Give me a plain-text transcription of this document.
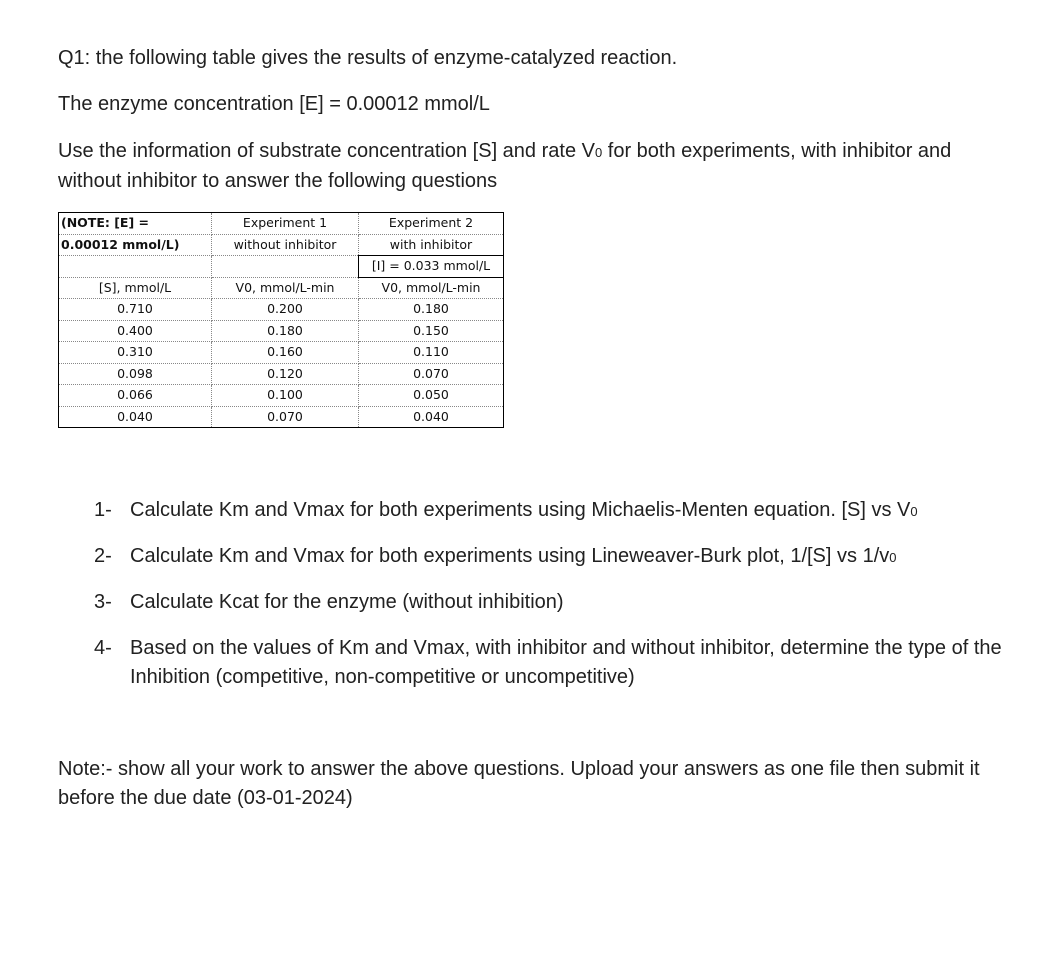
Q1: the following table gives the results of enzyme-catalyzed reaction.

The enzyme concentration [E] = 0.00012 mmol/L

Use the information of substrate concentration [S] and rate V0 for both experiments, with inhibitor and without inhibitor to answer the following questions

(NOTE: [E] =	Experiment 1	Experiment 2
0.00012 mmol/L)	without inhibitor	with inhibitor
		[I] = 0.033 mmol/L
[S], mmol/L	V0, mmol/L-min	V0, mmol/L-min
0.710	0.200	0.180
0.400	0.180	0.150
0.310	0.160	0.110
0.098	0.120	0.070
0.066	0.100	0.050
0.040	0.070	0.040
1- Calculate Km and Vmax for both experiments using Michaelis-Menten equation. [S] vs V0
2- Calculate Km and Vmax for both experiments using Lineweaver-Burk plot, 1/[S] vs 1/v0
3- Calculate Kcat for the enzyme (without inhibition)
4- Based on the values of Km and Vmax, with inhibitor and without inhibitor, determine the type of the Inhibition (competitive, non-competitive or uncompetitive)

Note:- show all your work to answer the above questions. Upload your answers as one file then submit it before the due date (03-01-2024)
